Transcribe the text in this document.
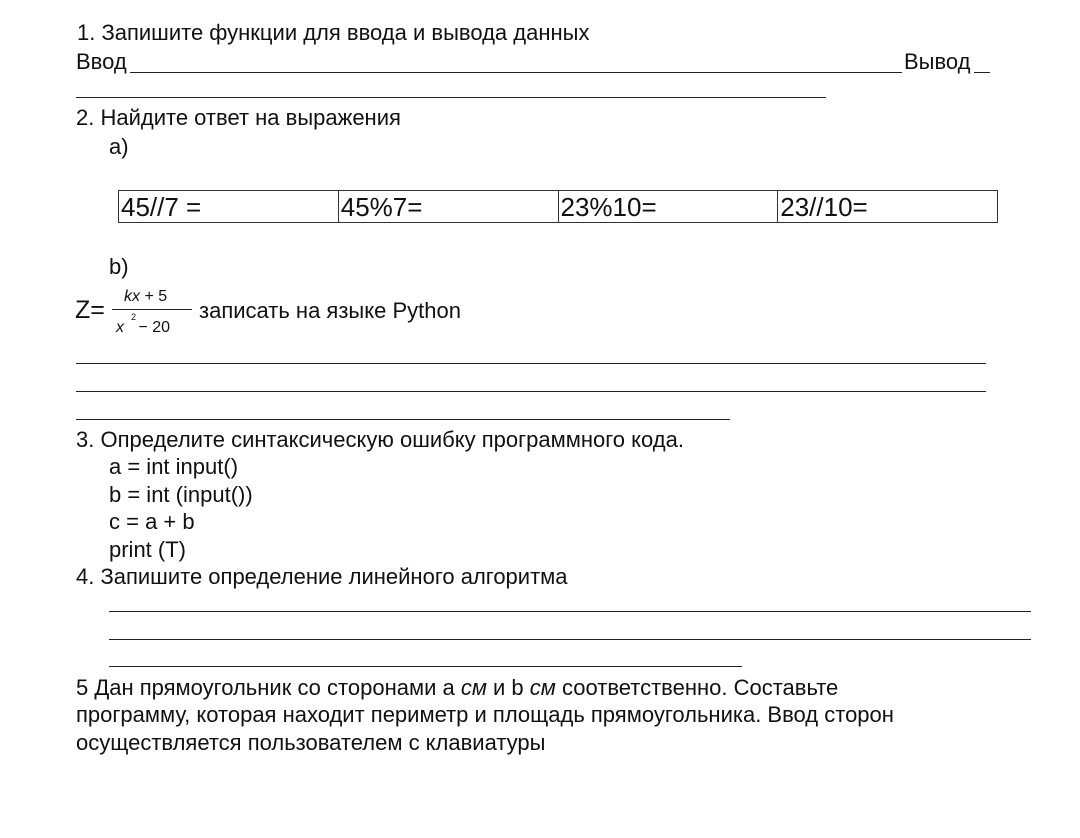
1. Запишите функции для ввода и вывода данных
Ввод	Вывод
2. Найдите ответ на выражения
a)
45//7 =	45%7=	23%10=	23//10=
b)
Z= kx + 5
x
2
− 20
записать на языке Python
3. Определите синтаксическую ошибку программного кода.
a = int input()
b = int (input())
c = a + b
print (T)
4. Запишите определение линейного алгоритма
5 Дан прямоугольник со сторонами а см и b см соответственно. Составьте
программу, которая находит периметр и площадь прямоугольника. Ввод сторон
осуществляется пользователем с клавиатуры
